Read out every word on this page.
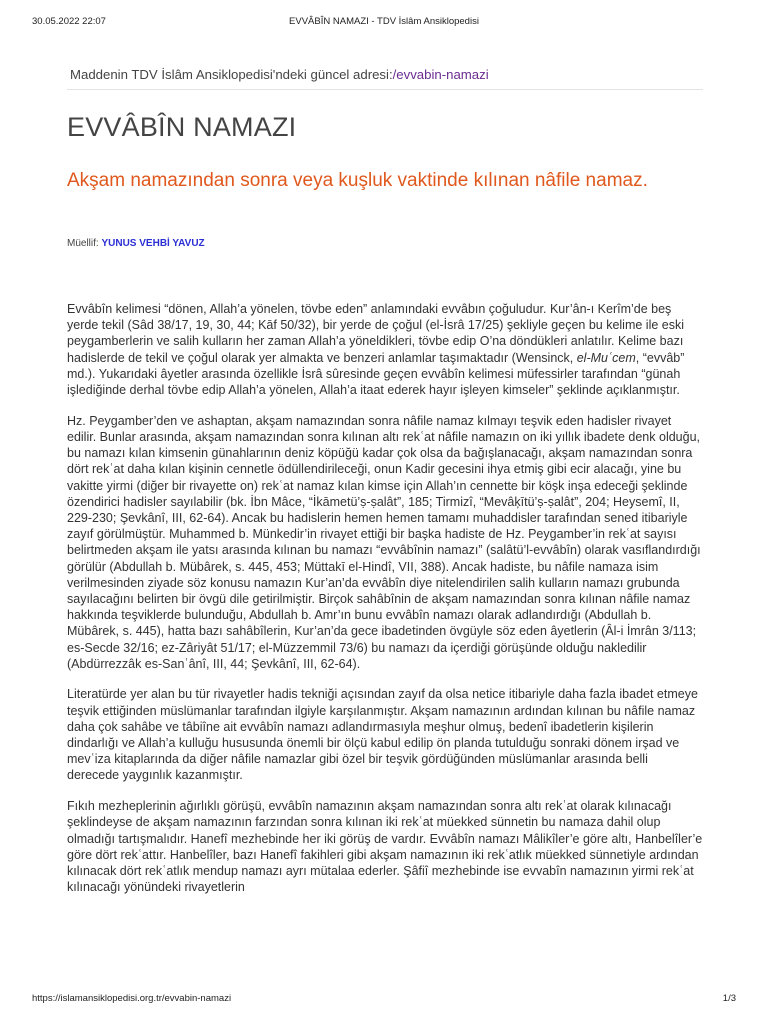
30.05.2022 22:07	EVVÂBÎN NAMAZI - TDV İslâm Ansiklopedisi
Maddenin TDV İslâm Ansiklopedisi'ndeki güncel adresi:/evvabin-namazi
EVVÂBÎN NAMAZI
Akşam namazından sonra veya kuşluk vaktinde kılınan nâfile namaz.
Müellif: YUNUS VEHBİ YAVUZ

Evvâbîn kelimesi “dönen, Allah’a yönelen, tövbe eden” anlamındaki evvâbın çoğuludur. Kur’ân-ı Kerîm’de beş yerde tekil (Sâd 38/17, 19, 30, 44; Kāf 50/32), bir yerde de çoğul (el-İsrâ 17/25) şekliyle geçen bu kelime ile eski peygamberlerin ve salih kulların her zaman Allah’a yöneldikleri, tövbe edip O’na döndükleri anlatılır. Kelime bazı hadislerde de tekil ve çoğul olarak yer almakta ve benzeri anlamlar taşımaktadır (Wensinck, el-Muʿcem, “evvâb” md.). Yukarıdaki âyetler arasında özellikle İsrâ sûresinde geçen evvâbîn kelimesi müfessirler tarafından “günah işlediğinde derhal tövbe edip Allah’a yönelen, Allah’a itaat ederek hayır işleyen kimseler” şeklinde açıklanmıştır.

Hz. Peygamber’den ve ashaptan, akşam namazından sonra nâfile namaz kılmayı teşvik eden hadisler rivayet edilir. Bunlar arasında, akşam namazından sonra kılınan altı rekʿat nâfile namazın on iki yıllık ibadete denk olduğu, bu namazı kılan kimsenin günahlarının deniz köpüğü kadar çok olsa da bağışlanacağı, akşam namazından sonra dört rekʿat daha kılan kişinin cennetle ödüllendirileceği, onun Kadir gecesini ihya etmiş gibi ecir alacağı, yine bu vakitte yirmi (diğer bir rivayette on) rekʿat namaz kılan kimse için Allah’ın cennette bir köşk inşa edeceği şeklinde özendirici hadisler sayılabilir (bk. İbn Mâce, “İkāmetü’ṣ-ṣalât”, 185; Tirmizî, “Mevâķītü’ṣ-ṣalât”, 204; Heysemî, II, 229-230; Şevkânî, III, 62-64). Ancak bu hadislerin hemen hemen tamamı muhaddisler tarafından sened itibariyle zayıf görülmüştür. Muhammed b. Münkedir’in rivayet ettiği bir başka hadiste de Hz. Peygamber’in rekʿat sayısı belirtmeden akşam ile yatsı arasında kılınan bu namazı “evvâbînin namazı” (salâtü’l-evvâbîn) olarak vasıflandırdığı görülür (Abdullah b. Mübârek, s. 445, 453; Müttakī el-Hindî, VII, 388). Ancak hadiste, bu nâfile namaza isim verilmesinden ziyade söz konusu namazın Kur’an’da evvâbîn diye nitelendirilen salih kulların namazı grubunda sayılacağını belirten bir övgü dile getirilmiştir. Birçok sahâbînin de akşam namazından sonra kılınan nâfile namaz hakkında teşviklerde bulunduğu, Abdullah b. Amr’ın bunu evvâbîn namazı olarak adlandırdığı (Abdullah b. Mübârek, s. 445), hatta bazı sahâbîlerin, Kur’an’da gece ibadetinden övgüyle söz eden âyetlerin (Âl-i İmrân 3/113; es-Secde 32/16; ez-Zâriyât 51/17; el-Müzzemmil 73/6) bu namazı da içerdiği görüşünde olduğu nakledilir (Abdürrezzâk es-Sanʿânî, III, 44; Şevkânî, III, 62-64).

Literatürde yer alan bu tür rivayetler hadis tekniği açısından zayıf da olsa netice itibariyle daha fazla ibadet etmeye teşvik ettiğinden müslümanlar tarafından ilgiyle karşılanmıştır. Akşam namazının ardından kılınan bu nâfile namaz daha çok sahâbe ve tâbiîne ait evvâbîn namazı adlandırmasıyla meşhur olmuş, bedenî ibadetlerin kişilerin dindarlığı ve Allah’a kulluğu hususunda önemli bir ölçü kabul edilip ön planda tutulduğu sonraki dönem irşad ve mevʿiza kitaplarında da diğer nâfile namazlar gibi özel bir teşvik gördüğünden müslümanlar arasında belli derecede yaygınlık kazanmıştır.

Fıkıh mezheplerinin ağırlıklı görüşü, evvâbîn namazının akşam namazından sonra altı rekʿat olarak kılınacağı şeklindeyse de akşam namazının farzından sonra kılınan iki rekʿat müekked sünnetin bu namaza dahil olup olmadığı tartışmalıdır. Hanefî mezhebinde her iki görüş de vardır. Evvâbîn namazı Mâlikîler’e göre altı, Hanbelîler’e göre dört rekʿattır. Hanbelîler, bazı Hanefî fakihleri gibi akşam namazının iki rekʿatlık müekked sünnetiyle ardından kılınacak dört rekʿatlık mendup namazı ayrı mütalaa ederler. Şâfiî mezhebinde ise evvabîn namazının yirmi rekʿat kılınacağı yönündeki rivayetlerin

https://islamansiklopedisi.org.tr/evvabin-namazi	1/3
